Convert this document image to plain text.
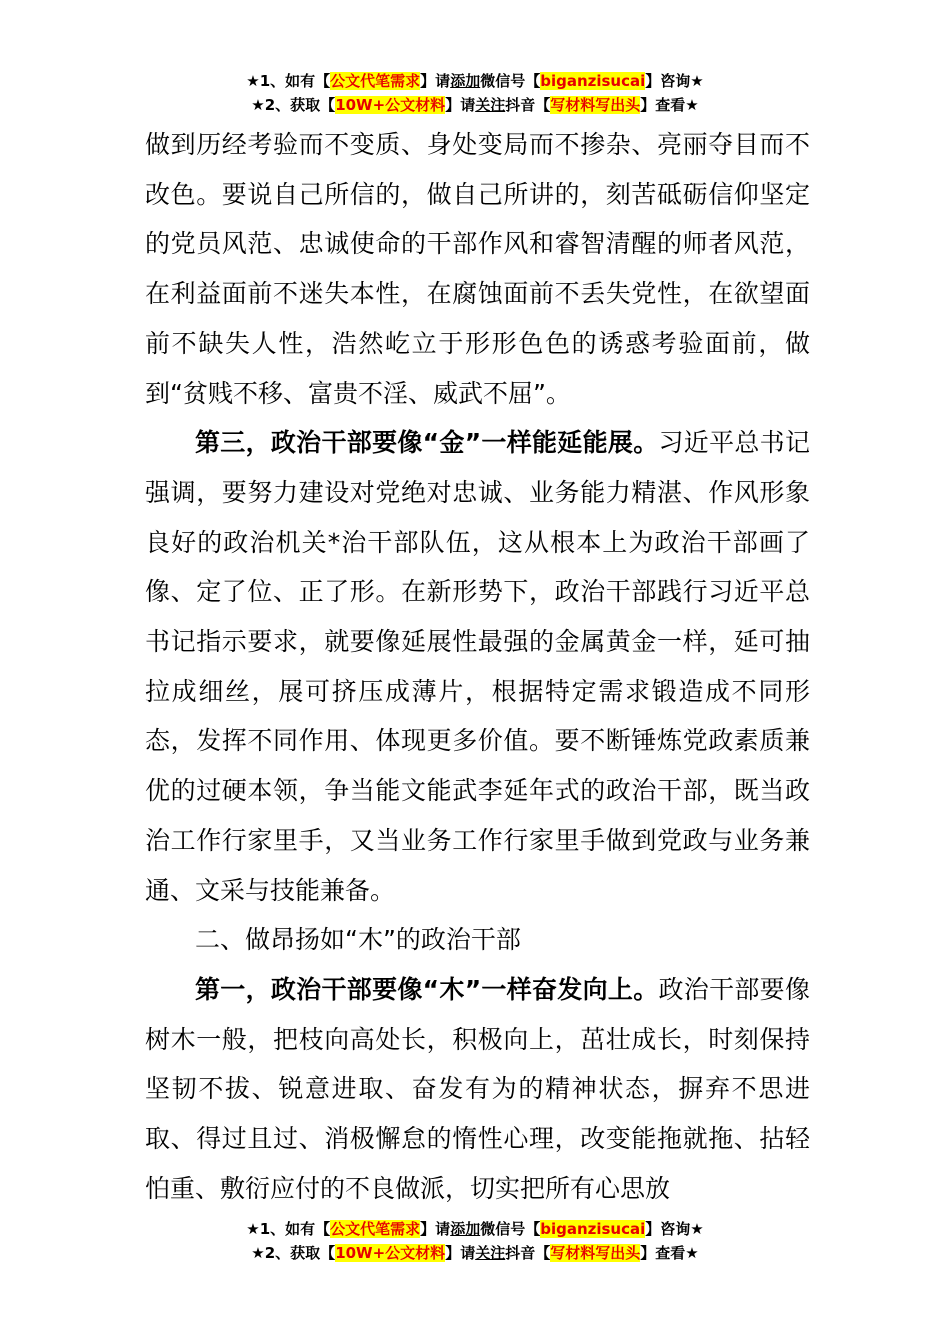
★1、如有【公文代笔需求】请添加微信号【biganzisucai】咨询★
★2、获取【10W+公文材料】请关注抖音【写材料写出头】查看★

做到历经考验而不变质、身处变局而不掺杂、亮丽夺目而不改色。要说自己所信的，做自己所讲的，刻苦砥砺信仰坚定的党员风范、忠诚使命的干部作风和睿智清醒的师者风范，在利益面前不迷失本性，在腐蚀面前不丢失党性，在欲望面前不缺失人性，浩然屹立于形形色色的诱惑考验面前，做到“贫贱不移、富贵不淫、威武不屈”。

第三，政治干部要像“金”一样能延能展。习近平总书记强调，要努力建设对党绝对忠诚、业务能力精湛、作风形象良好的政治机关*治干部队伍，这从根本上为政治干部画了像、定了位、正了形。在新形势下，政治干部践行习近平总书记指示要求，就要像延展性最强的金属黄金一样，延可抽拉成细丝，展可挤压成薄片，根据特定需求锻造成不同形态，发挥不同作用、体现更多价值。要不断锤炼党政素质兼优的过硬本领，争当能文能武李延年式的政治干部，既当政治工作行家里手，又当业务工作行家里手做到党政与业务兼通、文采与技能兼备。

二、做昂扬如“木”的政治干部

第一，政治干部要像“木”一样奋发向上。政治干部要像树木一般，把枝向高处长，积极向上，茁壮成长，时刻保持坚韧不拔、锐意进取、奋发有为的精神状态，摒弃不思进取、得过且过、消极懈怠的惰性心理，改变能拖就拖、拈轻怕重、敷衍应付的不良做派，切实把所有心思放

★1、如有【公文代笔需求】请添加微信号【biganzisucai】咨询★
★2、获取【10W+公文材料】请关注抖音【写材料写出头】查看★
